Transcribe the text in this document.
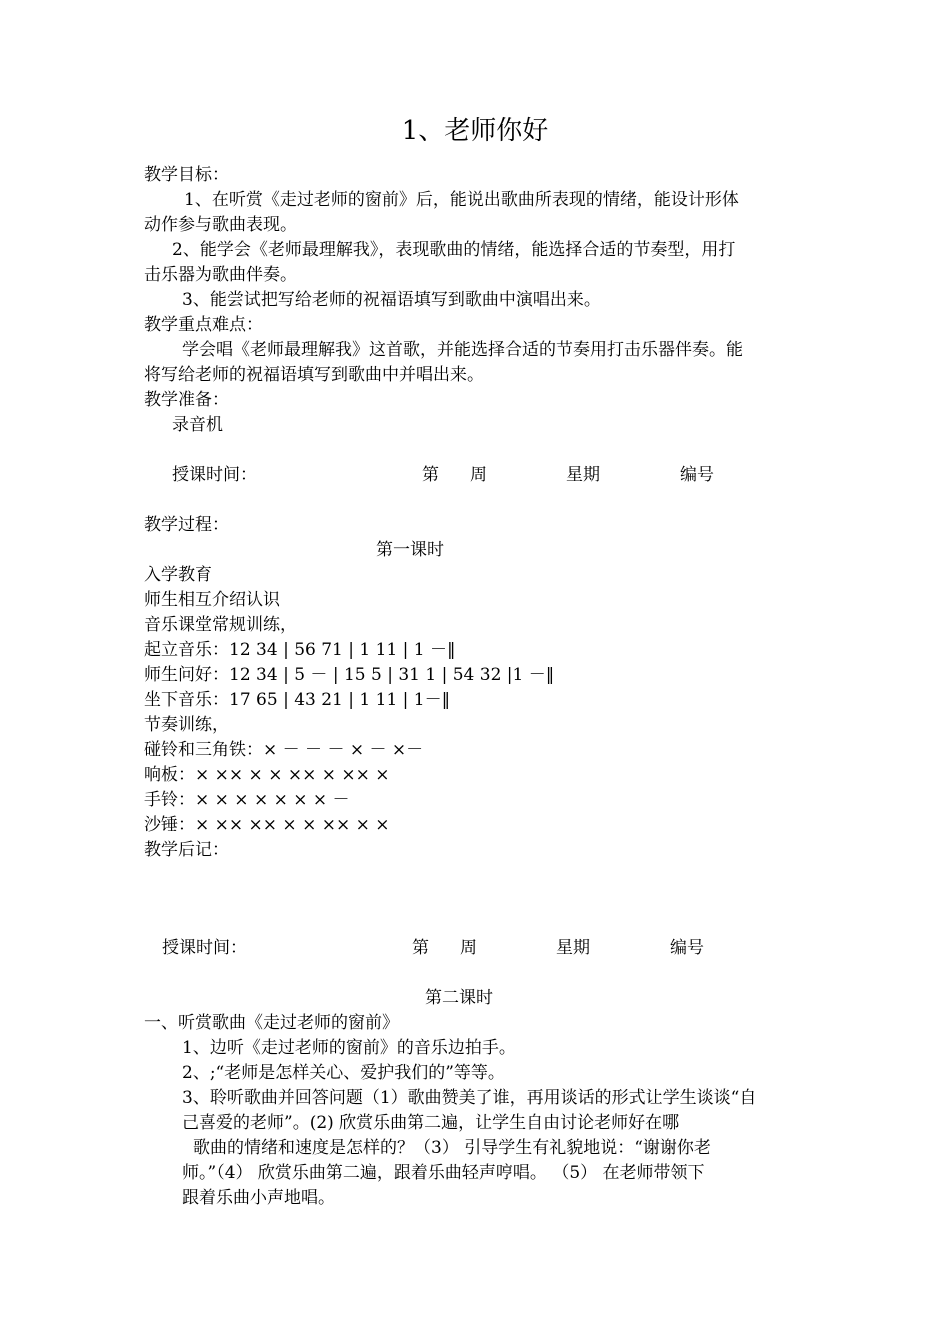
1、老师你好
教学目标：
1、在听赏《走过老师的窗前》后，能说出歌曲所表现的情绪，能设计形体
动作参与歌曲表现。
2、能学会《老师最理解我》，表现歌曲的情绪，能选择合适的节奏型，用打
击乐器为歌曲伴奏。
3、能尝试把写给老师的祝福语填写到歌曲中演唱出来。
教学重点难点：
学会唱《老师最理解我》这首歌，并能选择合适的节奏用打击乐器伴奏。能
将写给老师的祝福语填写到歌曲中并唱出来。
教学准备：
录音机
授课时间：	第 周	星期	编号
教学过程：
第一课时
入学教育
师生相互介绍认识
音乐课堂常规训练，
起立音乐：12 34 | 56 71 | 1 11 | 1 －‖
师生问好：12 34 | 5 － | 15 5 | 31 1 | 54 32 |1 －‖
坐下音乐：17 65 | 43 21 | 1 11 | 1－‖
节奏训练，
碰铃和三角铁：× － － － × － ×－
响板：× ×× × × ×× × ×× ×
手铃：× × × × × × × －
沙锤：× ×× ×× × × ×× × ×
教学后记：
授课时间：	第 周	星期	编号
第二课时
一、听赏歌曲《走过老师的窗前》
1、边听《走过老师的窗前》的音乐边拍手。
2、;“老师是怎样关心、爱护我们的”等等。
3、聆听歌曲并回答问题（1）歌曲赞美了谁，再用谈话的形式让学生谈谈“自
己喜爱的老师”。(2) 欣赏乐曲第二遍，让学生自由讨论老师好在哪
歌曲的情绪和速度是怎样的？（3） 引导学生有礼貌地说：“谢谢你老
师。”（4） 欣赏乐曲第二遍，跟着乐曲轻声哼唱。 （5） 在老师带领下
跟着乐曲小声地唱。
